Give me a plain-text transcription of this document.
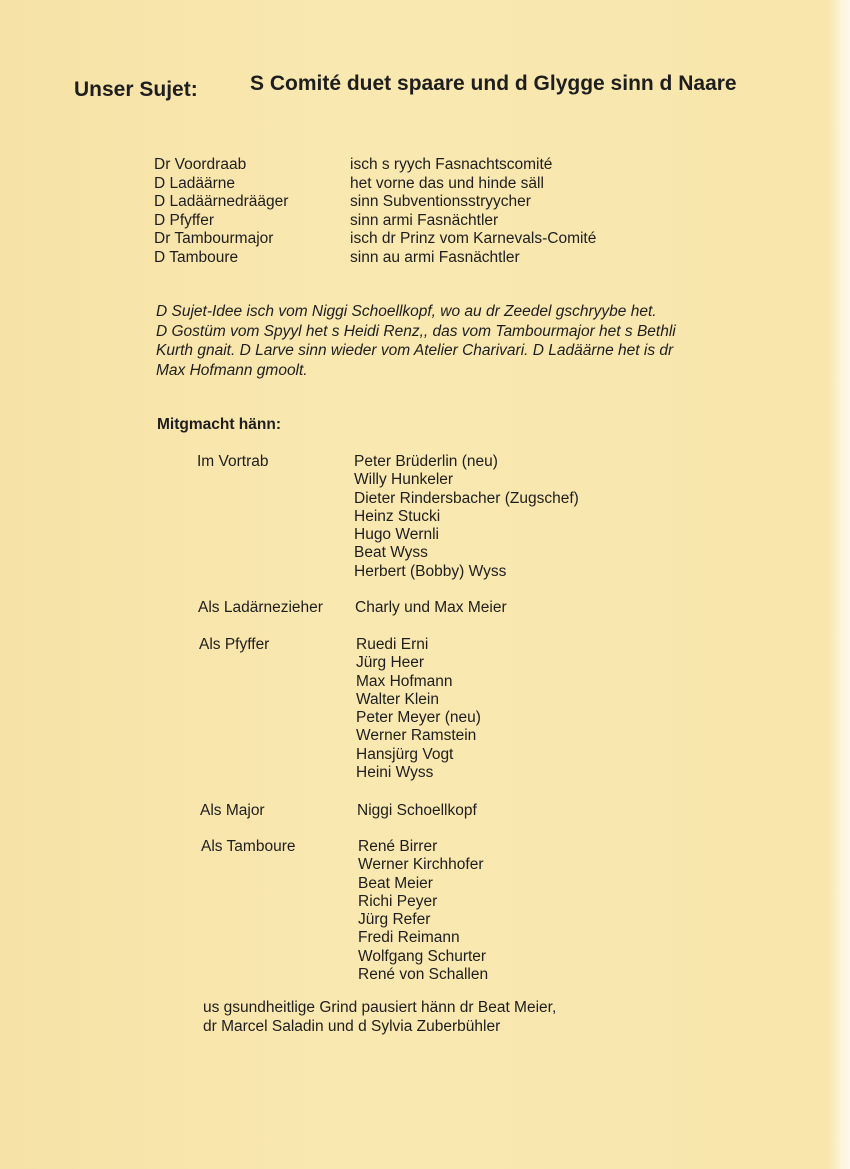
Unser Sujet: S Comité duet spaare und d Glygge sinn d Naare
Dr Voordraab	isch s ryych Fasnachtscomité
D Ladäärne	het vorne das und hinde säll
D Ladäärnedrääger	sinn Subventionsstryycher
D Pfyffer	sinn armi Fasnächtler
Dr Tambourmajor	isch dr Prinz vom Karnevals-Comité
D Tamboure	sinn au armi Fasnächtler
D Sujet-Idee isch vom Niggi Schoellkopf, wo au dr Zeedel gschryybe het.
D Gostüm vom Spyyl het s Heidi Renz,, das vom Tambourmajor het s Bethli
Kurth gnait. D Larve sinn wieder vom Atelier Charivari. D Ladäärne het is dr
Max Hofmann gmoolt.
Mitgmacht hänn:
Im Vortrab	Peter Brüderlin (neu)
Willy Hunkeler
Dieter Rindersbacher (Zugschef)
Heinz Stucki
Hugo Wernli
Beat Wyss
Herbert (Bobby) Wyss
Als Ladärnezieher	Charly und Max Meier
Als Pfyffer	Ruedi Erni
Jürg Heer
Max Hofmann
Walter Klein
Peter Meyer (neu)
Werner Ramstein
Hansjürg Vogt
Heini Wyss
Als Major	Niggi Schoellkopf
Als Tamboure	René Birrer
Werner Kirchhofer
Beat Meier
Richi Peyer
Jürg Refer
Fredi Reimann
Wolfgang Schurter
René von Schallen
us gsundheitlige Grind pausiert hänn dr Beat Meier,
dr Marcel Saladin und d Sylvia Zuberbühler
